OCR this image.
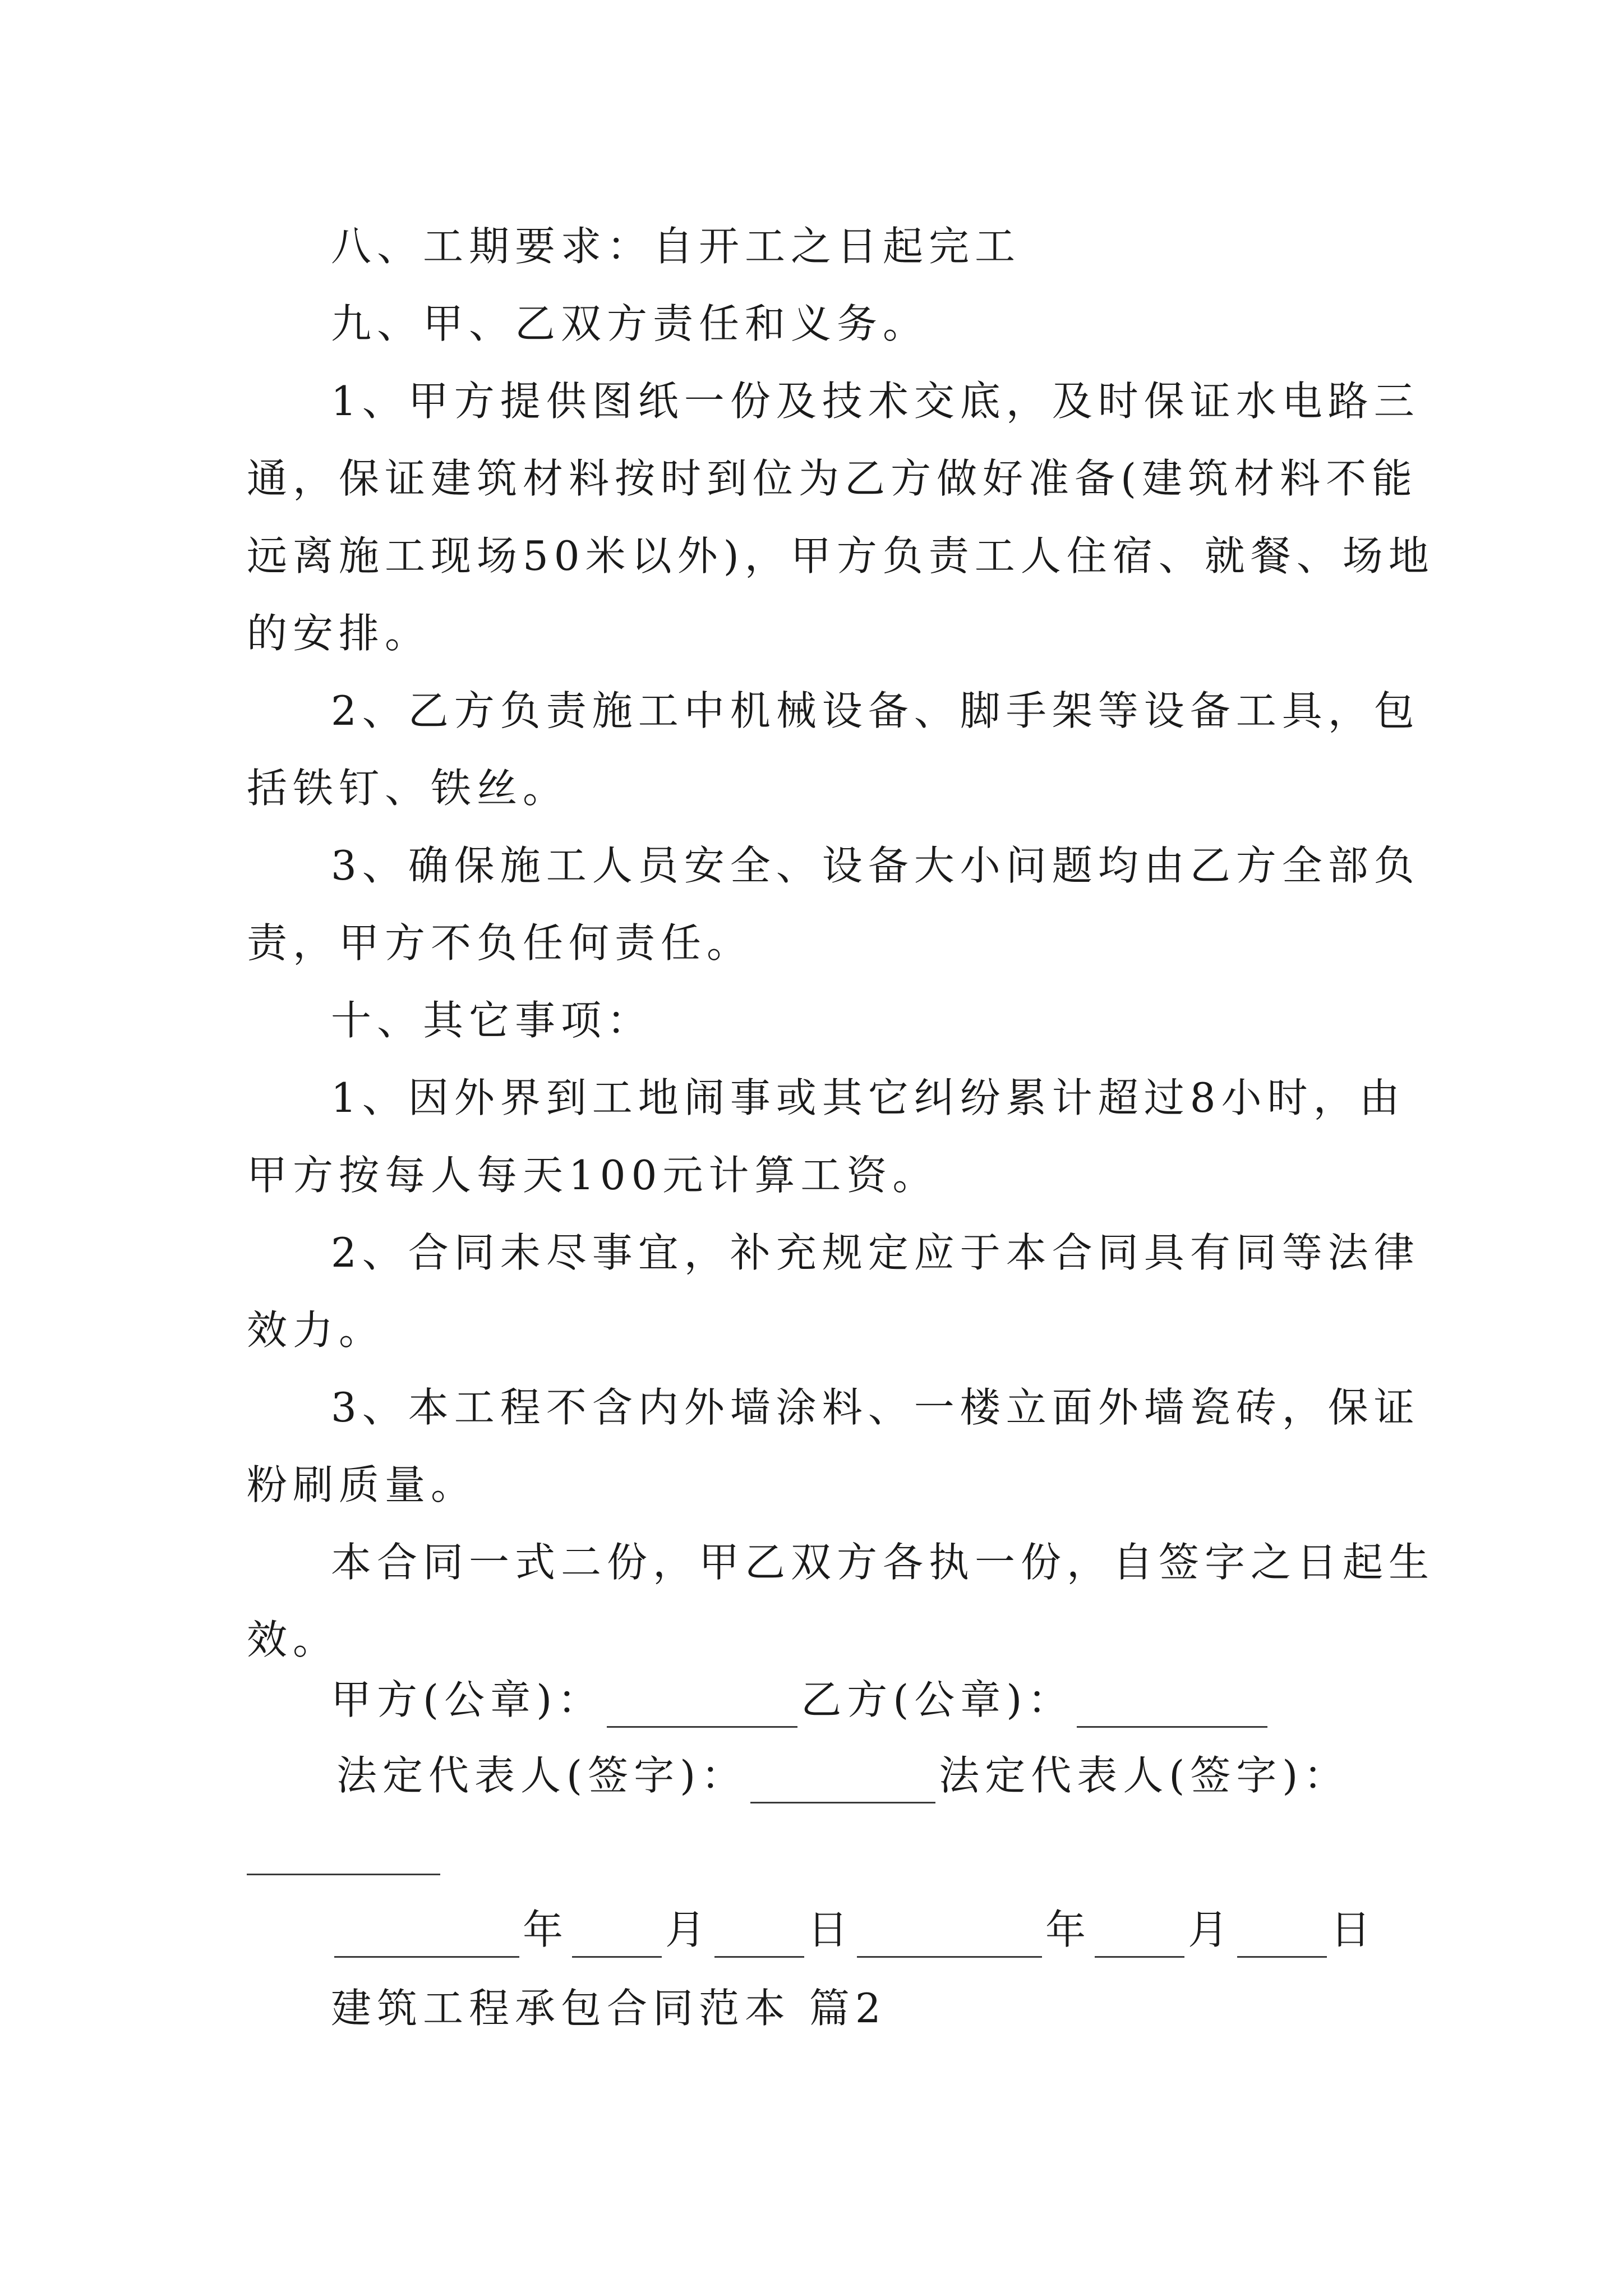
八、工期要求：自开工之日起完工
九、甲、乙双方责任和义务。
1、甲方提供图纸一份及技术交底，及时保证水电路三
通，保证建筑材料按时到位为乙方做好准备(建筑材料不能
远离施工现场50米以外)，甲方负责工人住宿、就餐、场地
的安排。
2、乙方负责施工中机械设备、脚手架等设备工具，包
括铁钉、铁丝。
3、确保施工人员安全、设备大小问题均由乙方全部负
责，甲方不负任何责任。
十、其它事项：
1、因外界到工地闹事或其它纠纷累计超过8小时，由
甲方按每人每天100元计算工资。
2、合同未尽事宜，补充规定应于本合同具有同等法律
效力。
3、本工程不含内外墙涂料、一楼立面外墙瓷砖，保证
粉刷质量。
本合同一式二份，甲乙双方各执一份，自签字之日起生
效。
甲方(公章)：	乙方(公章)：
法定代表人(签字)：	法定代表人(签字)：
年 月 日	年 月 日
建筑工程承包合同范本 篇2
